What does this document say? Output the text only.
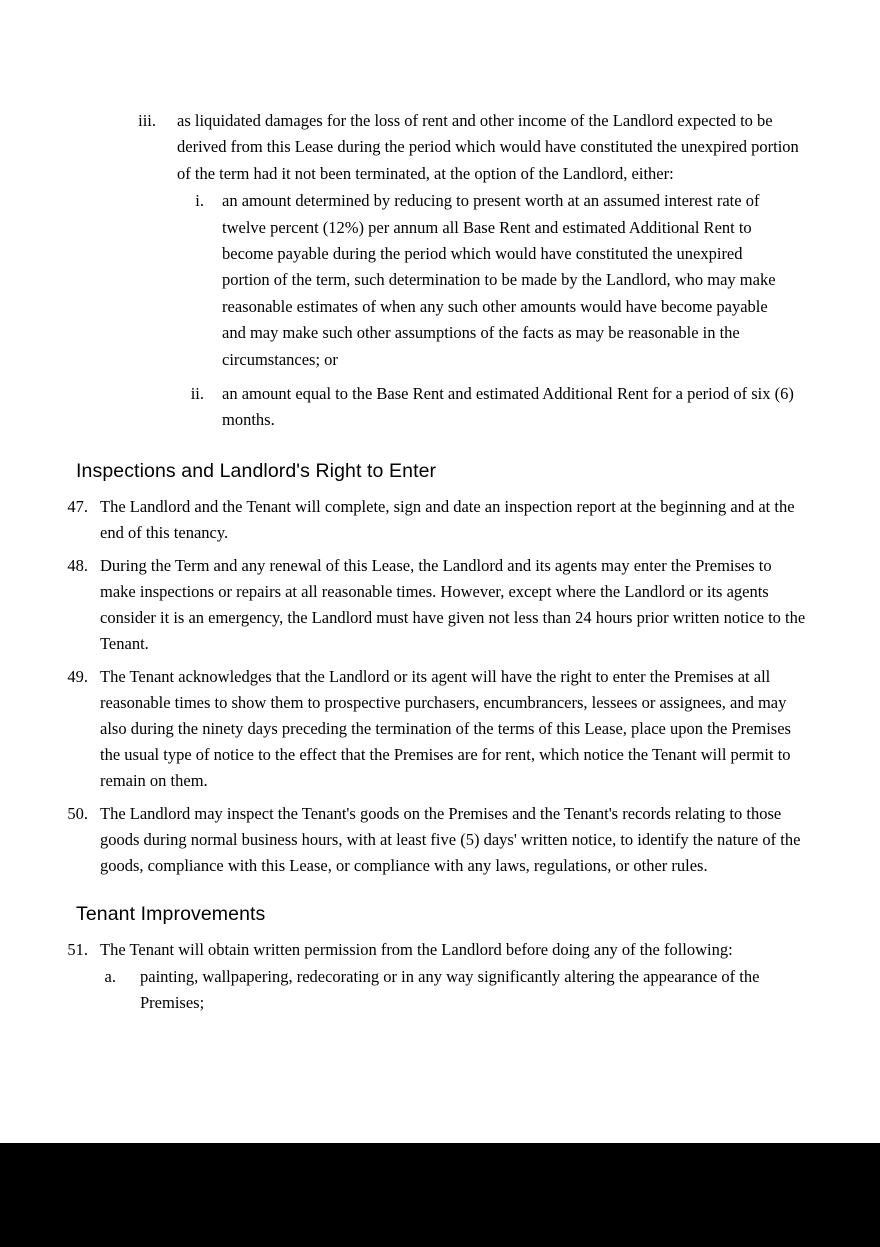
iii. as liquidated damages for the loss of rent and other income of the Landlord expected to be derived from this Lease during the period which would have constituted the unexpired portion of the term had it not been terminated, at the option of the Landlord, either:
i. an amount determined by reducing to present worth at an assumed interest rate of twelve percent (12%) per annum all Base Rent and estimated Additional Rent to become payable during the period which would have constituted the unexpired portion of the term, such determination to be made by the Landlord, who may make reasonable estimates of when any such other amounts would have become payable and may make such other assumptions of the facts as may be reasonable in the circumstances; or
ii. an amount equal to the Base Rent and estimated Additional Rent for a period of six (6) months.
Inspections and Landlord's Right to Enter
47. The Landlord and the Tenant will complete, sign and date an inspection report at the beginning and at the end of this tenancy.
48. During the Term and any renewal of this Lease, the Landlord and its agents may enter the Premises to make inspections or repairs at all reasonable times. However, except where the Landlord or its agents consider it is an emergency, the Landlord must have given not less than 24 hours prior written notice to the Tenant.
49. The Tenant acknowledges that the Landlord or its agent will have the right to enter the Premises at all reasonable times to show them to prospective purchasers, encumbrancers, lessees or assignees, and may also during the ninety days preceding the termination of the terms of this Lease, place upon the Premises the usual type of notice to the effect that the Premises are for rent, which notice the Tenant will permit to remain on them.
50. The Landlord may inspect the Tenant's goods on the Premises and the Tenant's records relating to those goods during normal business hours, with at least five (5) days' written notice, to identify the nature of the goods, compliance with this Lease, or compliance with any laws, regulations, or other rules.
Tenant Improvements
51. The Tenant will obtain written permission from the Landlord before doing any of the following:
a. painting, wallpapering, redecorating or in any way significantly altering the appearance of the Premises;
